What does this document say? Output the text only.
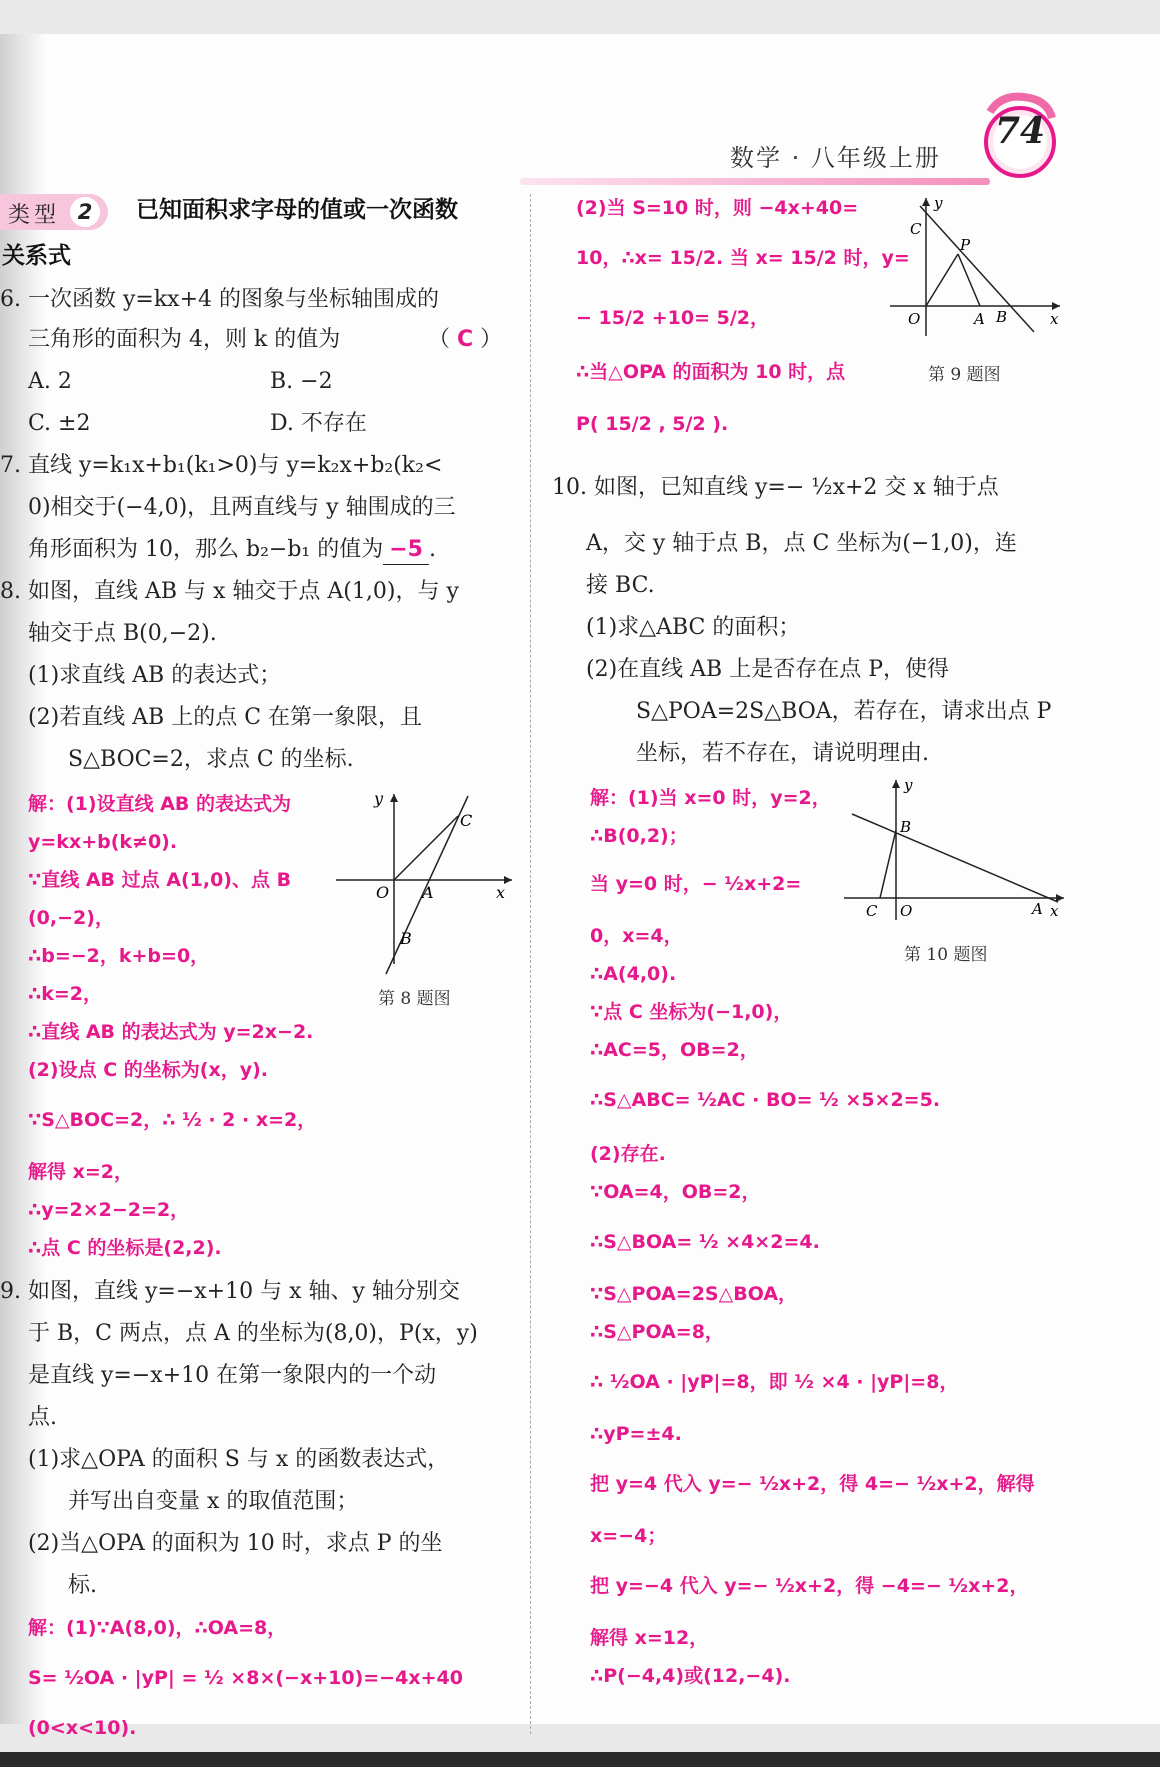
数学 · 八年级上册
74
类型 2	已知面积求字母的值或一次函数
关系式
6. 一次函数 y=kx+4 的图象与坐标轴围成的
三角形的面积为 4，则 k 的值为	（ C ）
A. 2	B. −2
C. ±2	D. 不存在
7. 直线 y=k₁x+b₁(k₁>0)与 y=k₂x+b₂(k₂<
0)相交于(−4,0)，且两直线与 y 轴围成的三
角形面积为 10，那么 b₂−b₁ 的值为 −5 .
8. 如图，直线 AB 与 x 轴交于点 A(1,0)，与 y
轴交于点 B(0,−2).
(1)求直线 AB 的表达式；
(2)若直线 AB 上的点 C 在第一象限，且
S△BOC=2，求点 C 的坐标.
解：(1)设直线 AB 的表达式为
y=kx+b(k≠0).
∵直线 AB 过点 A(1,0)、点 B
(0,−2)，
∴b=−2，k+b=0，
∴k=2，
∴直线 AB 的表达式为 y=2x−2.
(2)设点 C 的坐标为(x，y).
∵S△BOC=2，∴ ½ · 2 · x=2，
解得 x=2，
∴y=2×2−2=2，
∴点 C 的坐标是(2,2).
y
x
O A
B
C
第 8 题图
9. 如图，直线 y=−x+10 与 x 轴、y 轴分别交
于 B，C 两点，点 A 的坐标为(8,0)，P(x，y)
是直线 y=−x+10 在第一象限内的一个动
点.
(1)求△OPA 的面积 S 与 x 的函数表达式，
并写出自变量 x 的取值范围；
(2)当△OPA 的面积为 10 时，求点 P 的坐
标.
解：(1)∵A(8,0)，∴OA=8，
S= ½OA · |yP| = ½ ×8×(−x+10)=−4x+40
(0<x<10).
(2)当 S=10 时，则 −4x+40=
10，∴x= 15/2. 当 x= 15/2 时，y=
− 15/2 +10= 5/2，
∴当△OPA 的面积为 10 时，点
P( 15/2 , 5/2 ).
y
x
O	A B
C
P
第 9 题图
10. 如图，已知直线 y=− ½x+2 交 x 轴于点
A，交 y 轴于点 B，点 C 坐标为(−1,0)，连
接 BC.
(1)求△ABC 的面积；
(2)在直线 AB 上是否存在点 P，使得
S△POA=2S△BOA，若存在，请求出点 P
坐标，若不存在，请说明理由.
解：(1)当 x=0 时，y=2，
∴B(0,2)；
当 y=0 时，− ½x+2=
0，x=4，
∴A(4,0).
∵点 C 坐标为(−1,0)，
∴AC=5，OB=2，
∴S△ABC= ½AC · BO= ½ ×5×2=5.
(2)存在.
∵OA=4，OB=2，
∴S△BOA= ½ ×4×2=4.
∵S△POA=2S△BOA，
∴S△POA=8，
∴ ½OA · |yP|=8，即 ½ ×4 · |yP|=8，
∴yP=±4.
把 y=4 代入 y=− ½x+2，得 4=− ½x+2，解得
x=−4；
把 y=−4 代入 y=− ½x+2，得 −4=− ½x+2，
解得 x=12，
∴P(−4,4)或(12,−4).
y
x
O	A
B
C
第 10 题图
